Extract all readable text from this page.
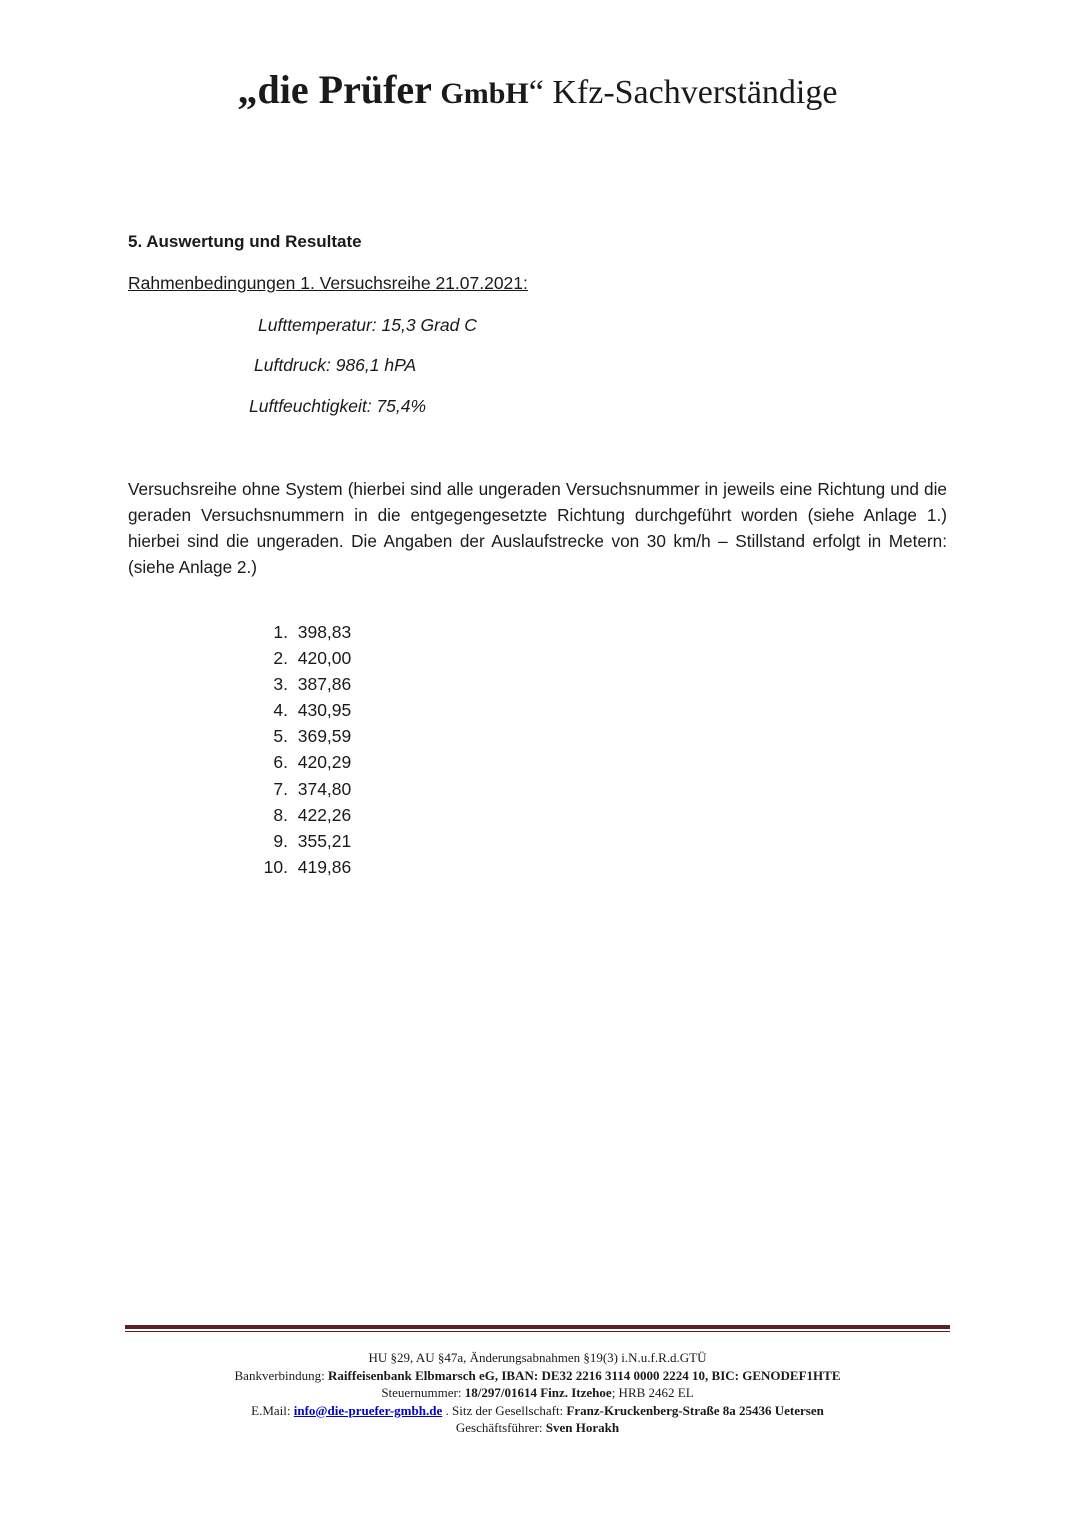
„die Prüfer GmbH“ Kfz-Sachverständige
5. Auswertung und Resultate
Rahmenbedingungen 1. Versuchsreihe 21.07.2021:
Lufttemperatur: 15,3 Grad C
Luftdruck: 986,1 hPA
Luftfeuchtigkeit: 75,4%
Versuchsreihe ohne System (hierbei sind alle ungeraden Versuchsnummer in jeweils eine Richtung und die geraden Versuchsnummern in die entgegengesetzte Richtung durchgeführt worden (siehe Anlage 1.) hierbei sind die ungeraden. Die Angaben der Auslaufstrecke von 30 km/h – Stillstand erfolgt in Metern: (siehe Anlage 2.)
1. 398,83
2. 420,00
3. 387,86
4. 430,95
5. 369,59
6. 420,29
7. 374,80
8. 422,26
9. 355,21
10. 419,86
HU §29, AU §47a, Änderungsabnahmen §19(3) i.N.u.f.R.d.GTÜ
Bankverbindung: Raiffeisenbank Elbmarsch eG, IBAN: DE32 2216 3114 0000 2224 10, BIC: GENODEF1HTE
Steuernummer: 18/297/01614 Finz. Itzehoe; HRB 2462 EL
E.Mail: info@die-pruefer-gmbh.de . Sitz der Gesellschaft: Franz-Kruckenberg-Straße 8a 25436 Uetersen
Geschäftsführer: Sven Horakh
